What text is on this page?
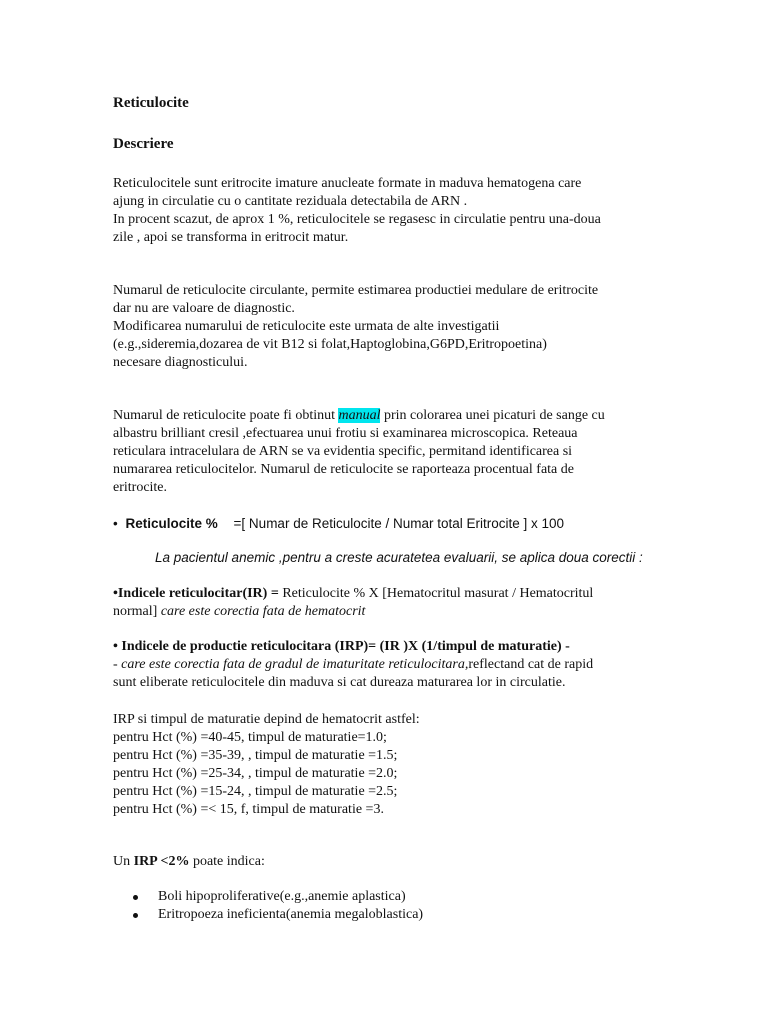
Reticulocite
Descriere
Reticulocitele sunt eritrocite imature anucleate formate in maduva hematogena care
ajung in circulatie cu o cantitate reziduala detectabila de ARN .
In procent scazut, de aprox 1 %, reticulocitele se regasesc in circulatie pentru una-doua
zile , apoi se transforma in eritrocit matur.
Numarul de reticulocite circulante, permite estimarea productiei medulare de eritrocite
dar nu are valoare de diagnostic.
Modificarea numarului de reticulocite este urmata de alte investigatii
(e.g.,sideremia,dozarea de vit B12 si folat,Haptoglobina,G6PD,Eritropoetina)
necesare diagnosticului.
Numarul de reticulocite poate fi obtinut manual prin colorarea unei picaturi de sange cu
albastru brilliant cresil ,efectuarea unui frotiu si examinarea microscopica. Reteaua
reticulara intracelulara de ARN se va evidentia specific, permitand identificarea si
numararea reticulocitelor. Numarul de reticulocite se raporteaza procentual fata de
eritrocite.
• Reticulocite % =[ Numar de Reticulocite / Numar total Eritrocite ] x 100
La pacientul anemic ,pentru a creste acuratetea evaluarii, se aplica doua corectii :
•Indicele reticulocitar(IR) = Reticulocite % X [Hematocritul masurat / Hematocritul
normal] care este corectia fata de hematocrit
• Indicele de productie reticulocitara (IRP)= (IR )X (1/timpul de maturatie) -
- care este corectia fata de gradul de imaturitate reticulocitara,reflectand cat de rapid
sunt eliberate reticulocitele din maduva si cat dureaza maturarea lor in circulatie.
IRP si timpul de maturatie depind de hematocrit astfel:
pentru Hct (%) =40-45, timpul de maturatie=1.0;
pentru Hct (%) =35-39, , timpul de maturatie =1.5;
pentru Hct (%) =25-34, , timpul de maturatie =2.0;
pentru Hct (%) =15-24, , timpul de maturatie =2.5;
pentru Hct (%) =< 15, f, timpul de maturatie =3.
Un IRP <2% poate indica:
Boli hipoproliferative(e.g.,anemie aplastica)
Eritropoeza ineficienta(anemia megaloblastica)
